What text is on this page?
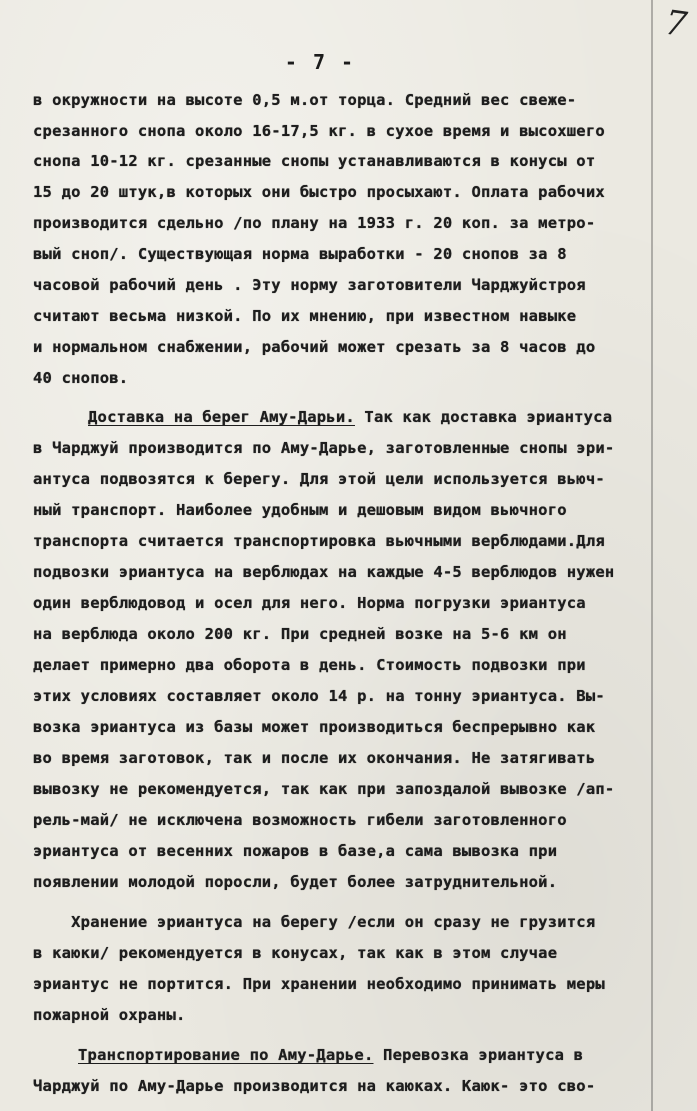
7
- 7 -
в окружности на высоте 0,5 м.от торца. Средний вес свеже-
срезанного снопа около 16-17,5 кг. в сухое время и высохшего
снопа 10-12 кг. срезанные снопы устанавливаются в конусы от
15 до 20 штук,в которых они быстро просыхают. Оплата рабочих
производится сдельно /по плану на 1933 г. 20 коп. за метро-
вый сноп/. Существующая норма выработки - 20 снопов за 8
часовой рабочий день . Эту норму заготовители Чарджуйстроя
считают весьма низкой. По их мнению, при известном навыке
и нормальном снабжении, рабочий может срезать за 8 часов до
40 снопов.
Доставка на берег Аму-Дарьи. Так как доставка эриантуса
в Чарджуй производится по Аму-Дарье, заготовленные снопы эри-
антуса подвозятся к берегу. Для этой цели используется вьюч-
ный транспорт. Наиболее удобным и дешовым видом вьючного
транспорта считается транспортировка вьючными верблюдами.Для
подвозки эриантуса на верблюдах на каждые 4-5 верблюдов нужен
один верблюдовод и осел для него. Норма погрузки эриантуса
на верблюда около 200 кг. При средней возке на 5-6 км он
делает примерно два оборота в день. Стоимость подвозки при
этих условиях составляет около 14 р. на тонну эриантуса. Вы-
возка эриантуса из базы может производиться беспрерывно как
во время заготовок, так и после их окончания. Не затягивать
вывозку не рекомендуется, так как при запоздалой вывозке /ап-
рель-май/ не исключена возможность гибели заготовленного
эриантуса от весенних пожаров в базе,а сама вывозка при
появлении молодой поросли, будет более затруднительной.
Хранение эриантуса на берегу /если он сразу не грузится
в каюки/ рекомендуется в конусах, так как в этом случае
эриантус не портится. При хранении необходимо принимать меры
пожарной охраны.
Транспортирование по Аму-Дарье. Перевозка эриантуса в
Чарджуй по Аму-Дарье производится на каюках. Каюк- это сво-
